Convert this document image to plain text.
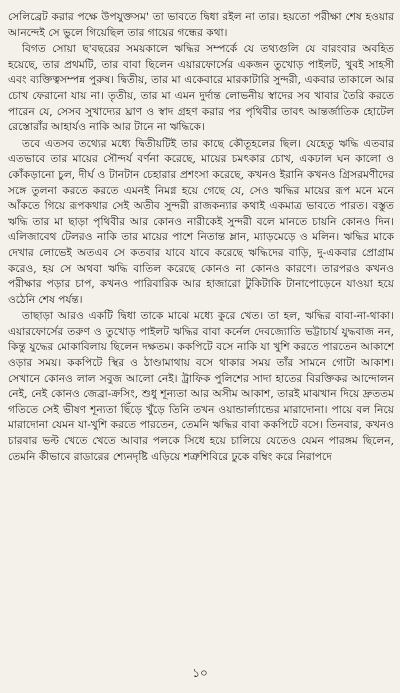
সেলিব্রেট করার পক্ষে উপযুক্তসম' তা ভাবতে দ্বিধা রইল না তার। হয়তো পরীক্ষা শেষ হওয়ার আনন্দেই সে ভুলে গিয়েছিল তার গায়ের গন্ধের কথা।

বিগত সোয়া ছ'বছরের সময়কালে ঋদ্ধির সম্পর্কে যে তথ্যগুলি যে বারংবার অবহিত হয়েছে, তার প্রথমটি, তার বাবা ছিলেন এয়ারফোর্সের একজন তুখোড় পাইলট, খুবই সাহসী এবং ব্যক্তিত্বসম্পন্ন পুরুষ। দ্বিতীয়, তার মা একেবারে মারকাটারি সুন্দরী, একবার তাকালে আর চোখ ফেরানো যায় না। তৃতীয়, তার মা এমন দুর্দান্ত লোভনীয় স্বাদের সব খাবার তৈরি করতে পারেন যে, সেসব সুখাদ্যের ঘ্রাণ ও স্বাদ গ্রহণ করার পর পৃথিবীর তাবৎ আন্তর্জাতিক হোটেল রেস্তোরাঁর আহার্যও নাকি আর টানে না ঋদ্ধিকে।

তবে এতসব তথ্যের মধ্যে দ্বিতীয়টিই তার কাছে কৌতূহলের ছিল। যেহেতু ঋদ্ধি এতবার এতভাবে তার মায়ের সৌন্দর্য বর্ণনা করেছে, মায়ের চমৎকার চোখ, একঢাল ঘন কালো ও কোঁকড়ানো চুল, দীর্ঘ ও টানটান চেহারার প্রশংসা করেছে, কখনও ইরানি কখনও গ্রিসরমণীদের সঙ্গে তুলনা করতে করতে এমনই নিমগ্ন হয়ে গেছে যে, সেও ঋদ্ধির মায়ের রূপ মনে মনে আঁকতে গিয়ে রূপকথার সেই অতীব সুন্দরী রাজকন্যার কথাই একমাত্র ভাবতে পারত। বস্তুত ঋদ্ধি তার মা ছাড়া পৃথিবীর আর কোনও নারীকেই সুন্দরী বলে মানতে চায়নি কোনও দিন। এলিজাবেথ টেলরও নাকি তার মায়ের পাশে নিতান্ত ম্লান, ম্যাড়মেড়ে ও মলিন। ঋদ্ধির মাকে দেখার লোভেই অতএব সে কতবার যাবে যাবে করেছে ঋদ্ধিদের বাড়ি, দু-একবার প্রোগ্রাম করেও, হয় সে অথবা ঋদ্ধি বাতিল করেছে কোনও না কোনও কারণে। তারপরও কখনও পরীক্ষার পড়ার চাপ, কখনও পারিবারিক আর হাজারো টুকিটাকি টানাপোড়েনে যাওয়া হয়ে ওঠেনি শেষ পর্যন্ত।

তাছাড়া আরও একটি দ্বিধা তাকে মাঝে মধ্যে কুরে খেত। তা হল, ঋদ্ধির বাবা-না-থাকা। এয়ারফোর্সের তরুণ ও তুখোড় পাইলট ঋদ্ধির বাবা কর্নেল দেবজ্যোতি ভট্টাচার্য যুদ্ধবাজ নন, কিন্তু যুদ্ধের মোকাবিলায় ছিলেন দক্ষতম। ককপিটে বসে নাকি যা খুশি করতে পারতেন আকাশে ওড়ার সময়। ককপিটে স্থির ও ঠাণ্ডামাথায় বসে থাকার সময় তাঁর সামনে গোটা আকাশ। সেখানে কোনও লাল সবুজ আলো নেই। ট্রাফিক পুলিশের সাদা হাতের বিরক্তিকর আন্দোলন নেই, নেই কোনও জেব্রা-ক্রসিং, শুধু শূন্যতা আর অসীম আকাশ, তারই মাঝখান দিয়ে দ্রুততম গতিতে সেই ভীষণ শূন্যতা ছিঁড়ে খুঁড়ে তিনি তখন ওয়ান্ডার্ল্যান্ডের মারাদোনা। পায়ে বল নিয়ে মারাদোনা যেমন যা-খুশি করতে পারতেন, তেমনি ঋদ্ধির বাবা ককপিটে বসে। তিনবার, কখনও চারবার ভল্ট খেতে খেতে আবার পলকে সিধে হয়ে চালিয়ে যেতেও যেমন পারঙ্গম ছিলেন, তেমনি কীভাবে রাডারের শ্যেনদৃষ্টি এড়িয়ে শত্রুশিবিরে ঢুকে বম্বিং করে নিরাপদে

১০
